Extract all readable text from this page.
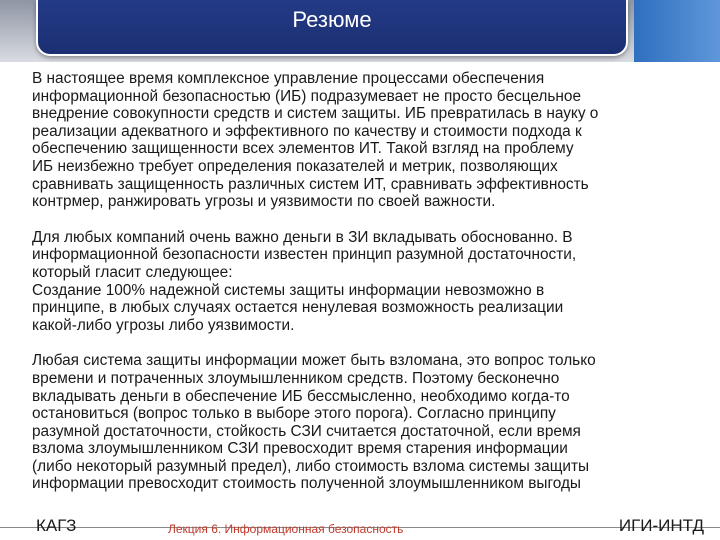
Резюме

В настоящее время комплексное управление процессами обеспечения
информационной безопасностью (ИБ) подразумевает не просто бесцельное
внедрение совокупности средств и систем защиты. ИБ превратилась в науку о
реализации адекватного и эффективного по качеству и стоимости подхода к
обеспечению защищенности всех элементов ИТ. Такой взгляд на проблему
ИБ неизбежно требует определения показателей и метрик, позволяющих
сравнивать защищенность различных систем ИТ, сравнивать эффективность
контрмер, ранжировать угрозы и уязвимости по своей важности.

Для любых компаний очень важно деньги в ЗИ вкладывать обоснованно. В
информационной безопасности известен принцип разумной достаточности,
который гласит следующее:
Создание 100% надежной системы защиты информации невозможно в
принципе, в любых случаях остается ненулевая возможность реализации
какой-либо угрозы либо уязвимости.

Любая система защиты информации может быть взломана, это вопрос только
времени и потраченных злоумышленником средств. Поэтому бесконечно
вкладывать деньги в обеспечение ИБ бессмысленно, необходимо когда-то
остановиться (вопрос только в выборе этого порога). Согласно принципу
разумной достаточности, стойкость СЗИ считается достаточной, если время
взлома злоумышленником СЗИ превосходит время старения информации
(либо некоторый разумный предел), либо стоимость взлома системы защиты
информации превосходит стоимость полученной злоумышленником выгоды

КАГЗ	Лекция 6. Информационная безопасность	ИГИ-ИНТД
